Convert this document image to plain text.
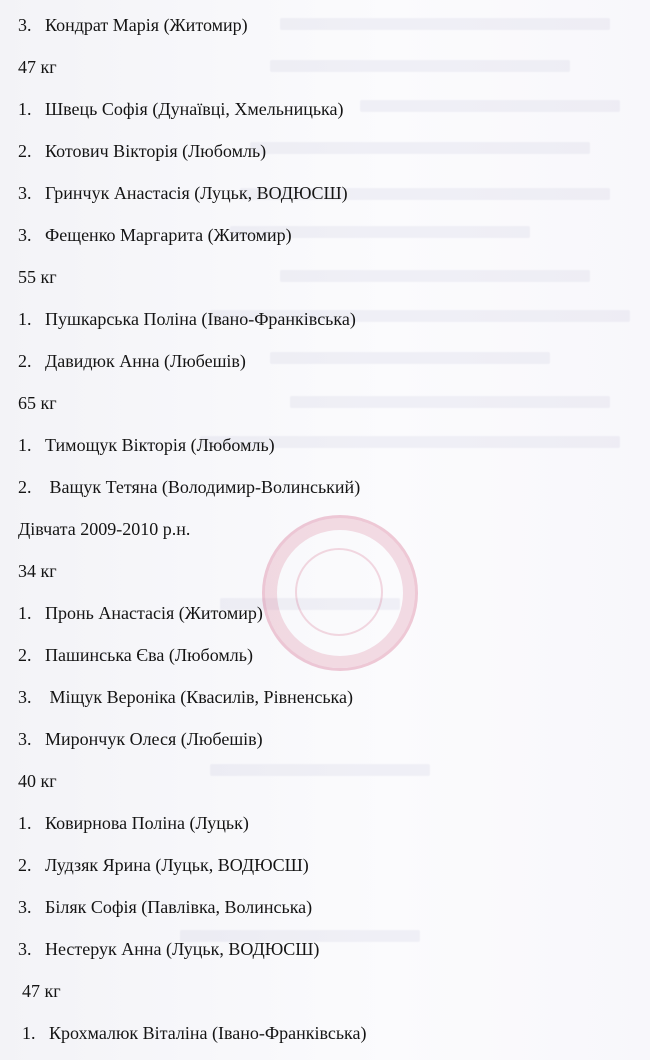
3. Кондрат Марія (Житомир)
47 кг
1. Швець Софія (Дунаївці, Хмельницька)
2. Котович Вікторія (Любомль)
3. Гринчук Анастасія (Луцьк, ВОДЮСШ)
3. Фещенко Маргарита (Житомир)
55 кг
1. Пушкарська Поліна (Івано-Франківська)
2. Давидюк Анна (Любешів)
65 кг
1. Тимощук Вікторія (Любомль)
2. Ващук Тетяна (Володимир-Волинський)
Дівчата 2009-2010 р.н.
34 кг
1. Пронь Анастасія (Житомир)
2. Пашинська Єва (Любомль)
3. Міщук Вероніка (Квасилів, Рівненська)
3. Мирончук Олеся (Любешів)
40 кг
1. Ковирнова Поліна (Луцьк)
2. Лудзяк Ярина (Луцьк, ВОДЮСШ)
3. Біляк Софія (Павлівка, Волинська)
3. Нестерук Анна (Луцьк, ВОДЮСШ)
47 кг
1. Крохмалюк Віталіна (Івано-Франківська)
